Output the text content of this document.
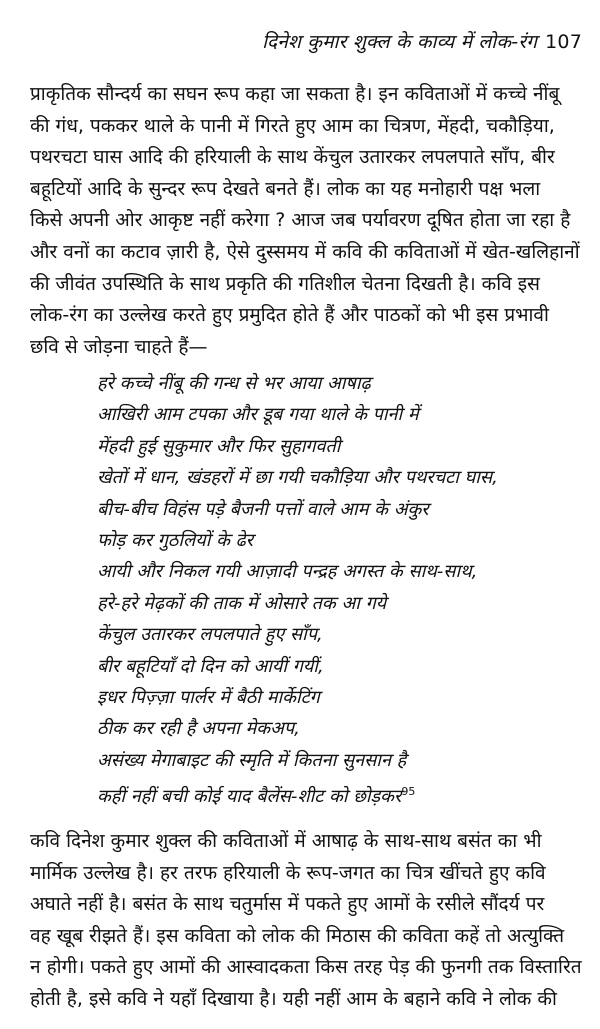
दिनेश कुमार शुक्ल के काव्य में लोक-रंग 107
प्राकृतिक सौन्दर्य का सघन रूप कहा जा सकता है। इन कविताओं में कच्चे नींबू
की गंध, पककर थाले के पानी में गिरते हुए आम का चित्रण, मेंहदी, चकौड़िया,
पथरचटा घास आदि की हरियाली के साथ केंचुल उतारकर लपलपाते साँप, बीर
बहूटियों आदि के सुन्दर रूप देखते बनते हैं। लोक का यह मनोहारी पक्ष भला
किसे अपनी ओर आकृष्ट नहीं करेगा ? आज जब पर्यावरण दूषित होता जा रहा है
और वनों का कटाव ज़ारी है, ऐसे दुस्समय में कवि की कविताओं में खेत-खलिहानों
की जीवंत उपस्थिति के साथ प्रकृति की गतिशील चेतना दिखती है। कवि इस
लोक-रंग का उल्लेख करते हुए प्रमुदित होते हैं और पाठकों को भी इस प्रभावी
छवि से जोड़ना चाहते हैं—
हरे कच्चे नींबू की गन्ध से भर आया आषाढ़
आखिरी आम टपका और डूब गया थाले के पानी में
मेंहदी हुई सुकुमार और फिर सुहागवती
खेतों में धान, खंडहरों में छा गयी चकौड़िया और पथरचटा घास,
बीच-बीच विहंस पड़े बैजनी पत्तों वाले आम के अंकुर
फोड़ कर गुठलियों के ढेर
आयी और निकल गयी आज़ादी पन्द्रह अगस्त के साथ-साथ,
हरे-हरे मेढ़कों की ताक में ओसारे तक आ गये
केंचुल उतारकर लपलपाते हुए साँप,
बीर बहूटियाँ दो दिन को आयीं गयीं,
इधर पिज़्ज़ा पार्लर में बैठी मार्केटिंग
ठीक कर रही है अपना मेकअप,
असंख्य मेगाबाइट की स्मृति में कितना सुनसान है
कहीं नहीं बची कोई याद बैलेंस-शीट को छोड़कर$^{95}$
कवि दिनेश कुमार शुक्ल की कविताओं में आषाढ़ के साथ-साथ बसंत का भी
मार्मिक उल्लेख है। हर तरफ हरियाली के रूप-जगत का चित्र खींचते हुए कवि
अघाते नहीं है। बसंत के साथ चतुर्मास में पकते हुए आमों के रसीले सौंदर्य पर
वह खूब रीझते हैं। इस कविता को लोक की मिठास की कविता कहें तो अत्युक्ति
न होगी। पकते हुए आमों की आस्वादकता किस तरह पेड़ की फुनगी तक विस्तारित
होती है, इसे कवि ने यहाँ दिखाया है। यही नहीं आम के बहाने कवि ने लोक की
